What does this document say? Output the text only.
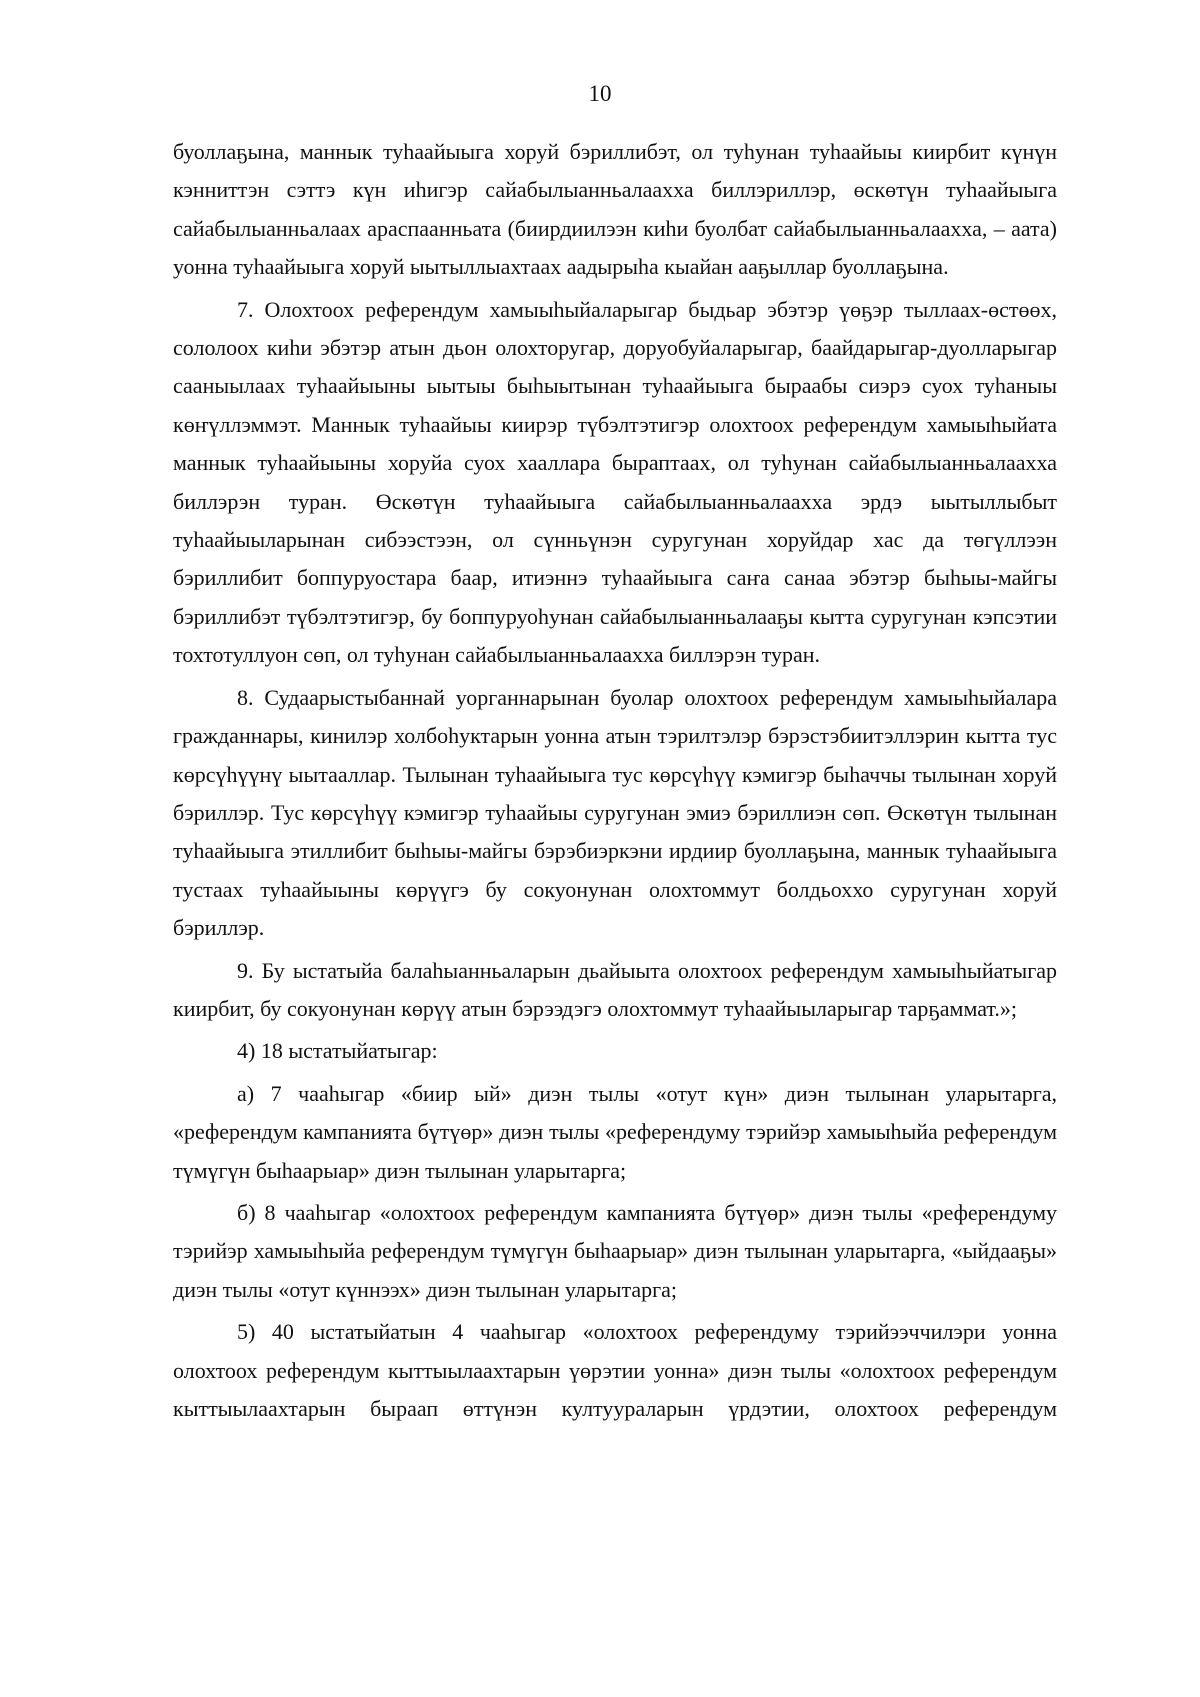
10

буоллаҕына, маннык туһаайыыга хоруй бэриллибэт, ол туһунан туһаайыы киирбит күнүн кэнниттэн сэттэ күн иһигэр сайабылыанньалаахха биллэриллэр, өскөтүн туһаайыыга сайабылыанньалаах араспаанньата (биирдиилээн киһи буолбат сайабылыанньалаахха, – аата) уонна туһаайыыга хоруй ыытыллыахтаах аадырыһа кыайан ааҕыллар буоллаҕына.

7. Олохтоох референдум хамыыһыйаларыгар быдьар эбэтэр үөҕэр тыллаах-өстөөх, сололоох киһи эбэтэр атын дьон олохторугар, доруобуйаларыгар, баайдарыгар-дуолларыгар сааныылаах туһаайыыны ыытыы быһыытынан туһаайыыга быраабы сиэрэ суох туһаныы көҥүллэммэт. Маннык туһаайыы киирэр түбэлтэтигэр олохтоох референдум хамыыһыйата маннык туһаайыыны хоруйа суох хааллара быраптаах, ол туһунан сайабылыанньалаахха биллэрэн туран. Өскөтүн туһаайыыга сайабылыанньалаахха эрдэ ыытыллыбыт туһаайыыларынан сибээстээн, ол сүнньүнэн суругунан хоруйдар хас да төгүллээн бэриллибит боппуруостара баар, итиэннэ туһаайыыга саҥа санаа эбэтэр быһыы-майгы бэриллибэт түбэлтэтигэр, бу боппуруоһунан сайабылыанньалааҕы кытта суругунан кэпсэтии тохтотуллуон сөп, ол туһунан сайабылыанньалаахха биллэрэн туран.

8. Судаарыстыбаннай уорганнарынан буолар олохтоох референдум хамыыһыйалара гражданнары, кинилэр холбоһуктарын уонна атын тэрилтэлэр бэрэстэбиитэллэрин кытта тус көрсүһүүнү ыытааллар. Тылынан туһаайыыга тус көрсүһүү кэмигэр быһаччы тылынан хоруй бэриллэр. Тус көрсүһүү кэмигэр туһаайыы суругунан эмиэ бэриллиэн сөп. Өскөтүн тылынан туһаайыыга этиллибит быһыы-майгы бэрэбиэркэни ирдиир буоллаҕына, маннык туһаайыыга тустаах туһаайыыны көрүүгэ бу сокуонунан олохтоммут болдьоххо суругунан хоруй бэриллэр.

9. Бу ыстатыйа балаһыанньаларын дьайыыта олохтоох референдум хамыыһыйатыгар киирбит, бу сокуонунан көрүү атын бэрээдэгэ олохтоммут туһаайыыларыгар тарҕаммат.»;

4) 18 ыстатыйатыгар:

а) 7 чааһыгар «биир ый» диэн тылы «отут күн» диэн тылынан уларытарга, «референдум кампаниятa бүтүөр» диэн тылы «референдуму тэрийэр хамыыһыйа референдум түмүгүн быһаарыар» диэн тылынан уларытарга;

б) 8 чааһыгар «олохтоох референдум кампаниятa бүтүөр» диэн тылы «референдуму тэрийэр хамыыһыйа референдум түмүгүн быһаарыар» диэн тылынан уларытарга, «ыйдааҕы» диэн тылы «отут күннээх» диэн тылынан уларытарга;

5) 40 ыстатыйатын 4 чааһыгар «олохтоох референдуму тэрийээччилэри уонна олохтоох референдум кыттыылаахтарын үөрэтии уонна» диэн тылы «олохтоох референдум кыттыылаахтарын быраап өттүнэн култуураларын үрдэтии, олохтоох референдум
